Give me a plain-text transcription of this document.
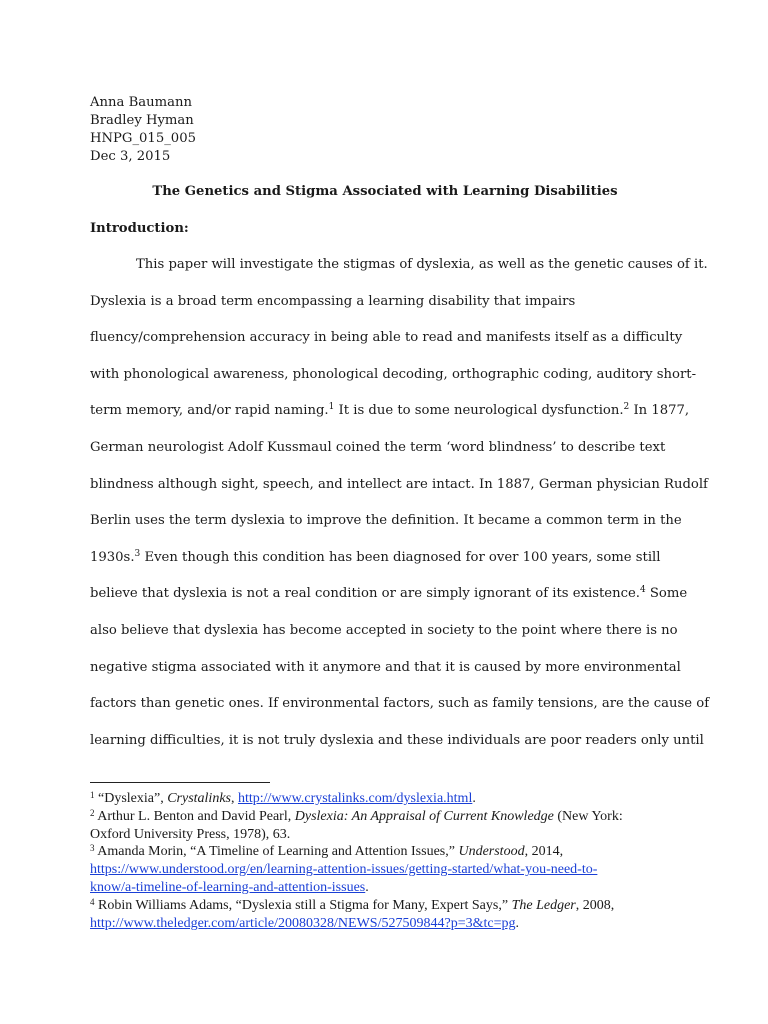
Anna Baumann
Bradley Hyman
HNPG_015_005
Dec 3, 2015
The Genetics and Stigma Associated with Learning Disabilities
Introduction:
This paper will investigate the stigmas of dyslexia, as well as the genetic causes of it.
Dyslexia is a broad term encompassing a learning disability that impairs
fluency/comprehension accuracy in being able to read and manifests itself as a difficulty
with phonological awareness, phonological decoding, orthographic coding, auditory short-
term memory, and/or rapid naming.$^1$ It is due to some neurological dysfunction.$^2$ In 1877,
German neurologist Adolf Kussmaul coined the term ‘word blindness’ to describe text
blindness although sight, speech, and intellect are intact. In 1887, German physician Rudolf
Berlin uses the term dyslexia to improve the definition. It became a common term in the
1930s.$^3$ Even though this condition has been diagnosed for over 100 years, some still
believe that dyslexia is not a real condition or are simply ignorant of its existence.$^4$ Some
also believe that dyslexia has become accepted in society to the point where there is no
negative stigma associated with it anymore and that it is caused by more environmental
factors than genetic ones. If environmental factors, such as family tensions, are the cause of
learning difficulties, it is not truly dyslexia and these individuals are poor readers only until
$^1$ “Dyslexia”, Crystalinks, http://www.crystalinks.com/dyslexia.html.
$^2$ Arthur L. Benton and David Pearl, Dyslexia: An Appraisal of Current Knowledge (New York:
Oxford University Press, 1978), 63.
$^3$ Amanda Morin, “A Timeline of Learning and Attention Issues,” Understood, 2014,
https://www.understood.org/en/learning-attention-issues/getting-started/what-you-need-to-
know/a-timeline-of-learning-and-attention-issues.
$^4$ Robin Williams Adams, “Dyslexia still a Stigma for Many, Expert Says,” The Ledger, 2008,
http://www.theledger.com/article/20080328/NEWS/527509844?p=3&tc=pg.
